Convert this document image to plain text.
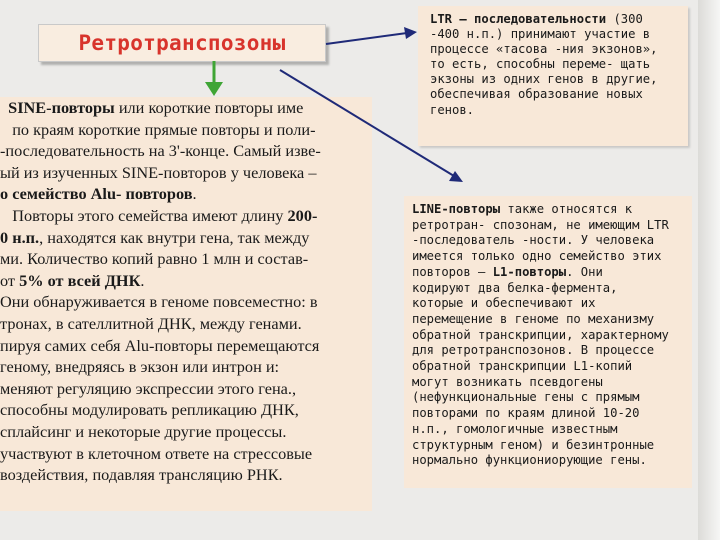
Ретротранспозоны
SINE-повторы или короткие повторы име
по краям короткие прямые повторы и поли-
-последовательность на 3'-конце. Самый изве-
ый из изученных SINE-повторов у человека –
о семейство Alu- повторов.
Повторы этого семейства имеют длину 200-
0 н.п., находятся как внутри гена, так между
ми. Количество копий равно 1 млн и состав-
от 5% от всей ДНК.
Они обнаруживается в геноме повсеместно: в
тронах, в сателлитной ДНК, между генами.
пируя самих себя Alu-повторы перемещаются
геному, внедряясь в экзон или интрон и:
меняют регуляцию экспрессии этого гена.,
способны модулировать репликацию ДНК,
сплайсинг и некоторые другие процессы.
участвуют в клеточном ответе на стрессовые
воздействия, подавляя трансляцию РНК.
LTR – последовательности (300
-400 н.п.) принимают участие в
процессе «тасова -ния экзонов»,
то есть, способны переме- щать
экзоны из одних генов в другие,
обеспечивая образование новых
генов.
LINE-повторы также относятся к
ретротран- спозонам, не имеющим LTR
-последователь -ности. У человека
имеется только одно семейство этих
повторов – L1-повторы. Они
кодируют два белка-фермента,
которые и обеспечивают их
перемещение в геноме по механизму
обратной транскрипции, характерному
для ретротранспозонов. В процессе
обратной транскрипции L1-копий
могут возникать псевдогены
(нефункциональные гены с прямым
повторами по краям длиной 10-20
н.п., гомологичные известным
структурным геном) и безинтронные
нормально функциониорующие гены.
